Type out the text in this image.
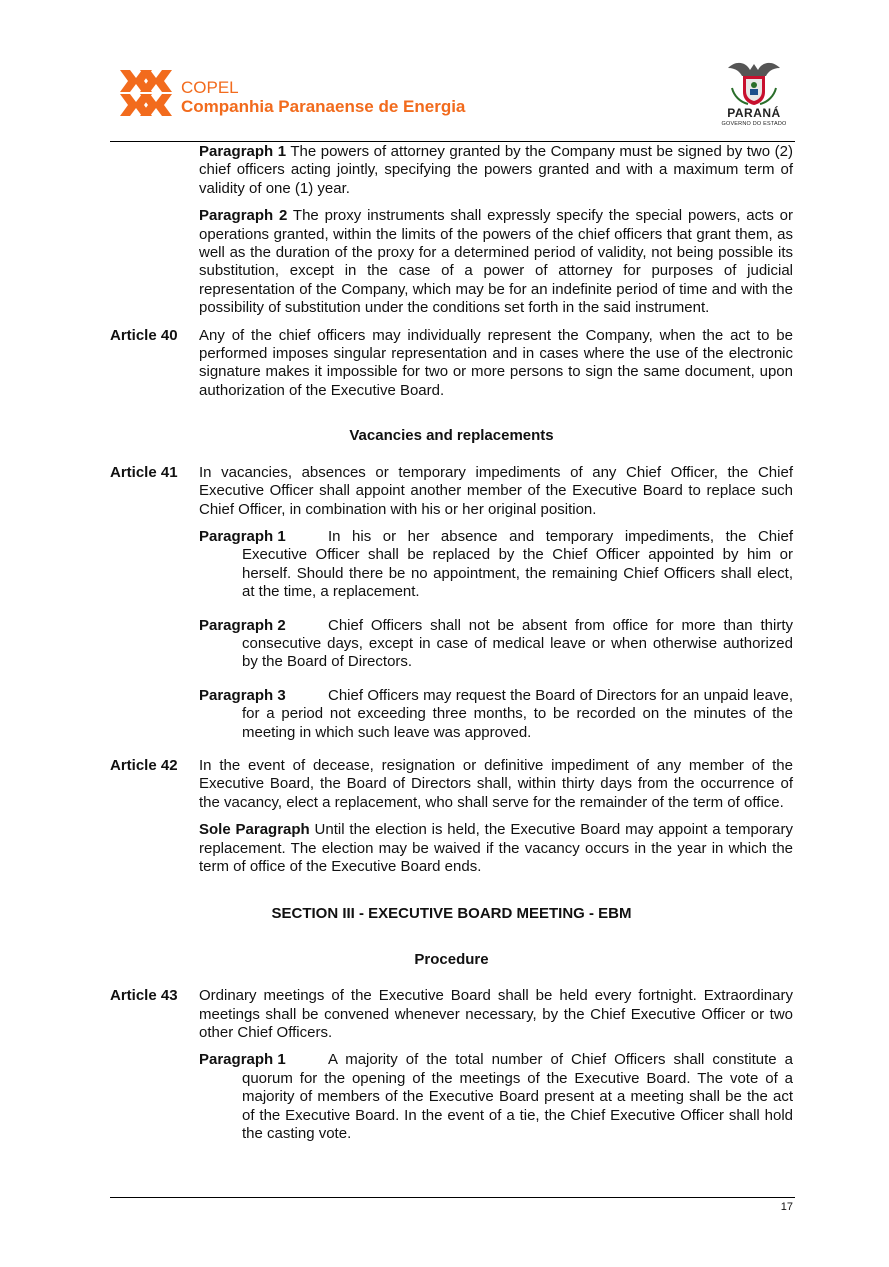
COPEL
Companhia Paranaense de Energia	PARANÁ
GOVERNO DO ESTADO

Paragraph 1 The powers of attorney granted by the Company must be signed by two (2) chief officers acting jointly, specifying the powers granted and with a maximum term of validity of one (1) year.

Paragraph 2 The proxy instruments shall expressly specify the special powers, acts or operations granted, within the limits of the powers of the chief officers that grant them, as well as the duration of the proxy for a determined period of validity, not being possible its substitution, except in the case of a power of attorney for purposes of judicial representation of the Company, which may be for an indefinite period of time and with the possibility of substitution under the conditions set forth in the said instrument.

Article 40	Any of the chief officers may individually represent the Company, when the act to be performed imposes singular representation and in cases where the use of the electronic signature makes it impossible for two or more persons to sign the same document, upon authorization of the Executive Board.

Vacancies and replacements

Article 41	In vacancies, absences or temporary impediments of any Chief Officer, the Chief Executive Officer shall appoint another member of the Executive Board to replace such Chief Officer, in combination with his or her original position.

Paragraph 1	In his or her absence and temporary impediments, the Chief Executive Officer shall be replaced by the Chief Officer appointed by him or herself. Should there be no appointment, the remaining Chief Officers shall elect, at the time, a replacement.

Paragraph 2	Chief Officers shall not be absent from office for more than thirty consecutive days, except in case of medical leave or when otherwise authorized by the Board of Directors.

Paragraph 3	Chief Officers may request the Board of Directors for an unpaid leave, for a period not exceeding three months, to be recorded on the minutes of the meeting in which such leave was approved.

Article 42	In the event of decease, resignation or definitive impediment of any member of the Executive Board, the Board of Directors shall, within thirty days from the occurrence of the vacancy, elect a replacement, who shall serve for the remainder of the term of office.

Sole Paragraph Until the election is held, the Executive Board may appoint a temporary replacement. The election may be waived if the vacancy occurs in the year in which the term of office of the Executive Board ends.

SECTION III - EXECUTIVE BOARD MEETING - EBM

Procedure

Article 43	Ordinary meetings of the Executive Board shall be held every fortnight. Extraordinary meetings shall be convened whenever necessary, by the Chief Executive Officer or two other Chief Officers.

Paragraph 1	A majority of the total number of Chief Officers shall constitute a quorum for the opening of the meetings of the Executive Board. The vote of a majority of members of the Executive Board present at a meeting shall be the act of the Executive Board. In the event of a tie, the Chief Executive Officer shall hold the casting vote.

17
